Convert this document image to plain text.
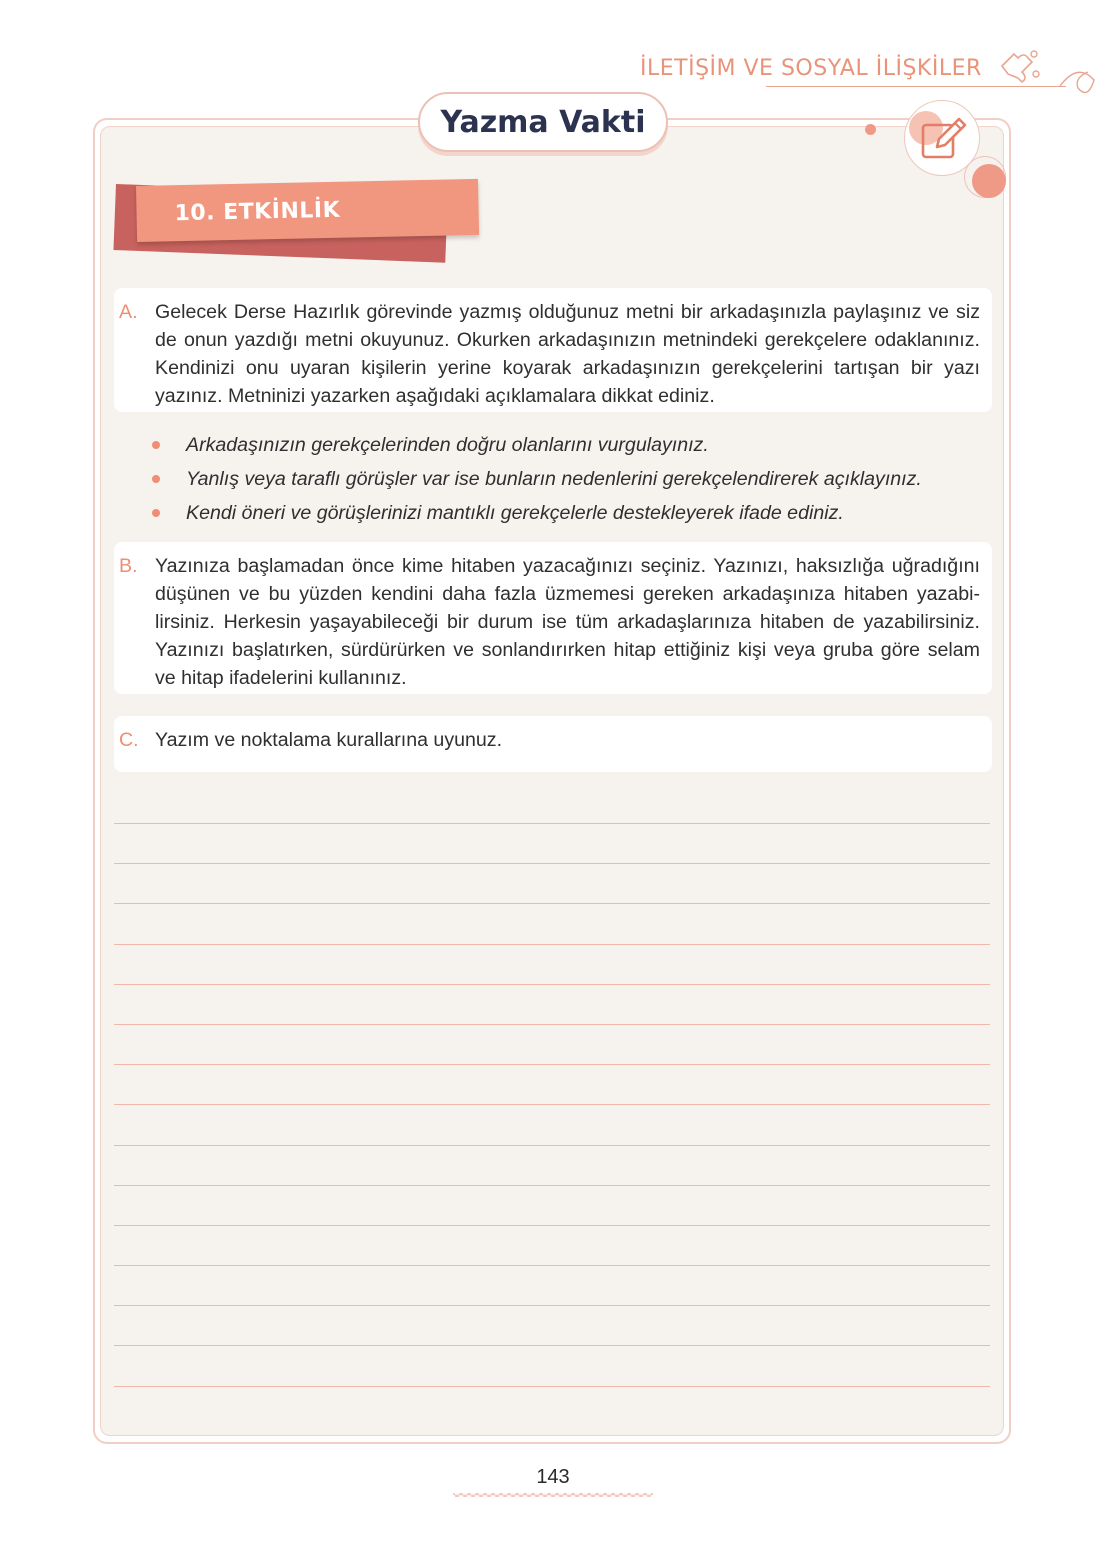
İLETİŞİM VE SOSYAL İLİŞKİLER
Yazma Vakti
10. ETKİNLİK
A. Gelecek Derse Hazırlık görevinde yazmış olduğunuz metni bir arkadaşınızla paylaşınız ve siz de onun yazdığı metni okuyunuz. Okurken arkadaşınızın metnindeki gerekçelere odaklanınız. Kendinizi onu uyaran kişilerin yerine koyarak arkadaşınızın gerekçelerini tartışan bir yazı yazınız. Metninizi yazarken aşağıdaki açıklamalara dikkat ediniz.
Arkadaşınızın gerekçelerinden doğru olanlarını vurgulayınız.
Yanlış veya taraflı görüşler var ise bunların nedenlerini gerekçelendirerek açıklayınız.
Kendi öneri ve görüşlerinizi mantıklı gerekçelerle destekleyerek ifade ediniz.
B. Yazınıza başlamadan önce kime hitaben yazacağınızı seçiniz. Yazınızı, haksızlığa uğradığını düşünen ve bu yüzden kendini daha fazla üzmemesi gereken arkadaşınıza hitaben yazabilirsiniz. Herkesin yaşayabileceği bir durum ise tüm arkadaşlarınıza hitaben de yazabilirsiniz. Yazınızı başlatırken, sürdürürken ve sonlandırırken hitap ettiğiniz kişi veya gruba göre selam ve hitap ifadelerini kullanınız.
C. Yazım ve noktalama kurallarına uyunuz.
143
